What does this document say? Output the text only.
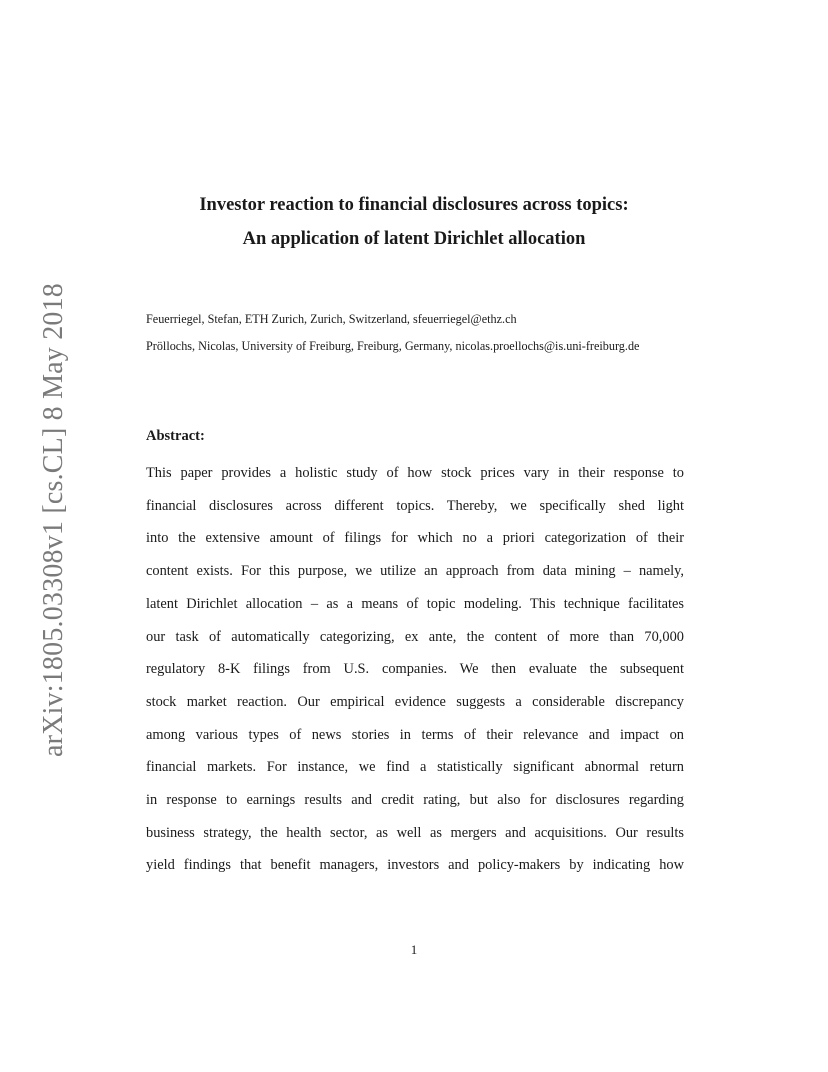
arXiv:1805.03308v1 [cs.CL] 8 May 2018
Investor reaction to financial disclosures across topics:
An application of latent Dirichlet allocation
Feuerriegel, Stefan, ETH Zurich, Zurich, Switzerland, sfeuerriegel@ethz.ch
Pröllochs, Nicolas, University of Freiburg, Freiburg, Germany, nicolas.proellochs@is.uni-freiburg.de
Abstract:
This paper provides a holistic study of how stock prices vary in their response to
financial disclosures across different topics. Thereby, we specifically shed light
into the extensive amount of filings for which no a priori categorization of their
content exists. For this purpose, we utilize an approach from data mining – namely,
latent Dirichlet allocation – as a means of topic modeling. This technique facilitates
our task of automatically categorizing, ex ante, the content of more than 70,000
regulatory 8-K filings from U.S. companies. We then evaluate the subsequent
stock market reaction. Our empirical evidence suggests a considerable discrepancy
among various types of news stories in terms of their relevance and impact on
financial markets. For instance, we find a statistically significant abnormal return
in response to earnings results and credit rating, but also for disclosures regarding
business strategy, the health sector, as well as mergers and acquisitions. Our results
yield findings that benefit managers, investors and policy-makers by indicating how
1
